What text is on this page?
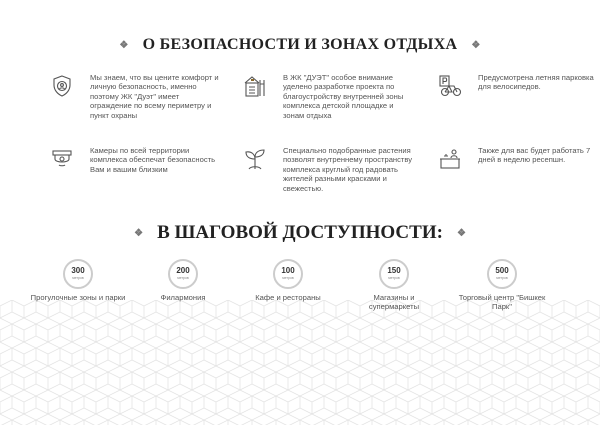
❖ О БЕЗОПАСНОСТИ И ЗОНАХ ОТДЫХА ❖
Мы знаем, что вы цените комфорт и личную безопасность, именно поэтому ЖК "Дуэт" имеет ограждение по всему периметру и пункт охраны
В ЖК "ДУЭТ" особое внимание уделено разработке проекта по благоустройству внутренней зоны комплекса детской площадке и зонам отдыха
Предусмотрена летняя парковка для велосипедов.
Камеры по всей территории комплекса обеспечат безопасность Вам и вашим близким
Специально подобранные растения позволят внутреннему пространству комплекса круглый год радовать жителей разными красками и свежестью.
Также для вас будет работать 7 дней в неделю ресепшн.
❖ В ШАГОВОЙ ДОСТУПНОСТИ: ❖
300
метров
Прогулочные зоны и парки
200
метров
Филармония
100
метров
Кафе и рестораны
150
метров
Магазины и супермаркеты
500
метров
Торговый центр "Бишкек Парк"
